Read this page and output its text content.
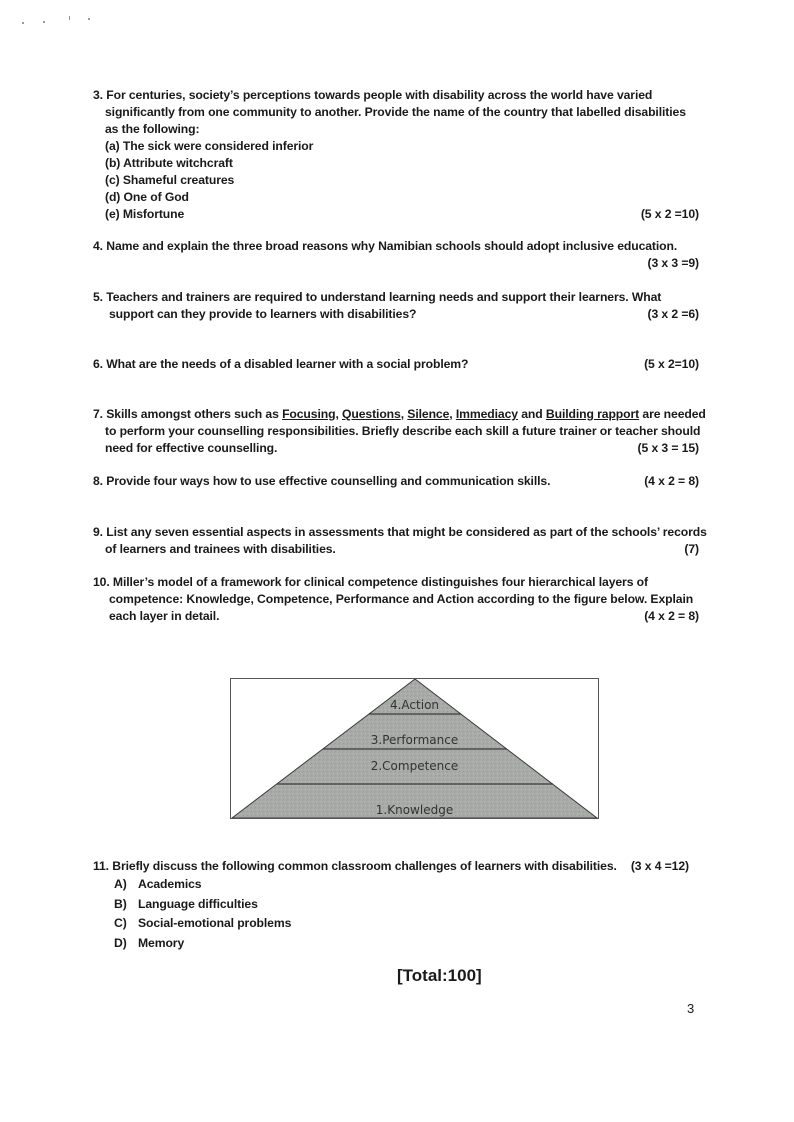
3. For centuries, society’s perceptions towards people with disability across the world have varied
significantly from one community to another. Provide the name of the country that labelled disabilities
as the following:
(a) The sick were considered inferior
(b) Attribute witchcraft
(c) Shameful creatures
(d) One of God
(e) Misfortune	(5 x 2 =10)
4. Name and explain the three broad reasons why Namibian schools should adopt inclusive education.

(3 x 3 =9)
5. Teachers and trainers are required to understand learning needs and support their learners. What
support can they provide to learners with disabilities?	(3 x 2 =6)
6. What are the needs of a disabled learner with a social problem?	(5 x 2=10)
7. Skills amongst others such as Focusing, Questions, Silence, Immediacy and Building rapport are needed
to perform your counselling responsibilities. Briefly describe each skill a future trainer or teacher should
need for effective counselling.	(5 x 3 = 15)
8. Provide four ways how to use effective counselling and communication skills.	(4 x 2 = 8)
9. List any seven essential aspects in assessments that might be considered as part of the schools’ records
of learners and trainees with disabilities.	(7)
10. Miller’s model of a framework for clinical competence distinguishes four hierarchical layers of
competence: Knowledge, Competence, Performance and Action according to the figure below. Explain
each layer in detail.	(4 x 2 = 8)
4.Action
3.Performance
2.Competence
1.Knowledge
11. Briefly discuss the following common classroom challenges of learners with disabilities. (3 x 4 =12)
A) Academics
B) Language difficulties
C) Social-emotional problems
D) Memory
[Total:100]
3
